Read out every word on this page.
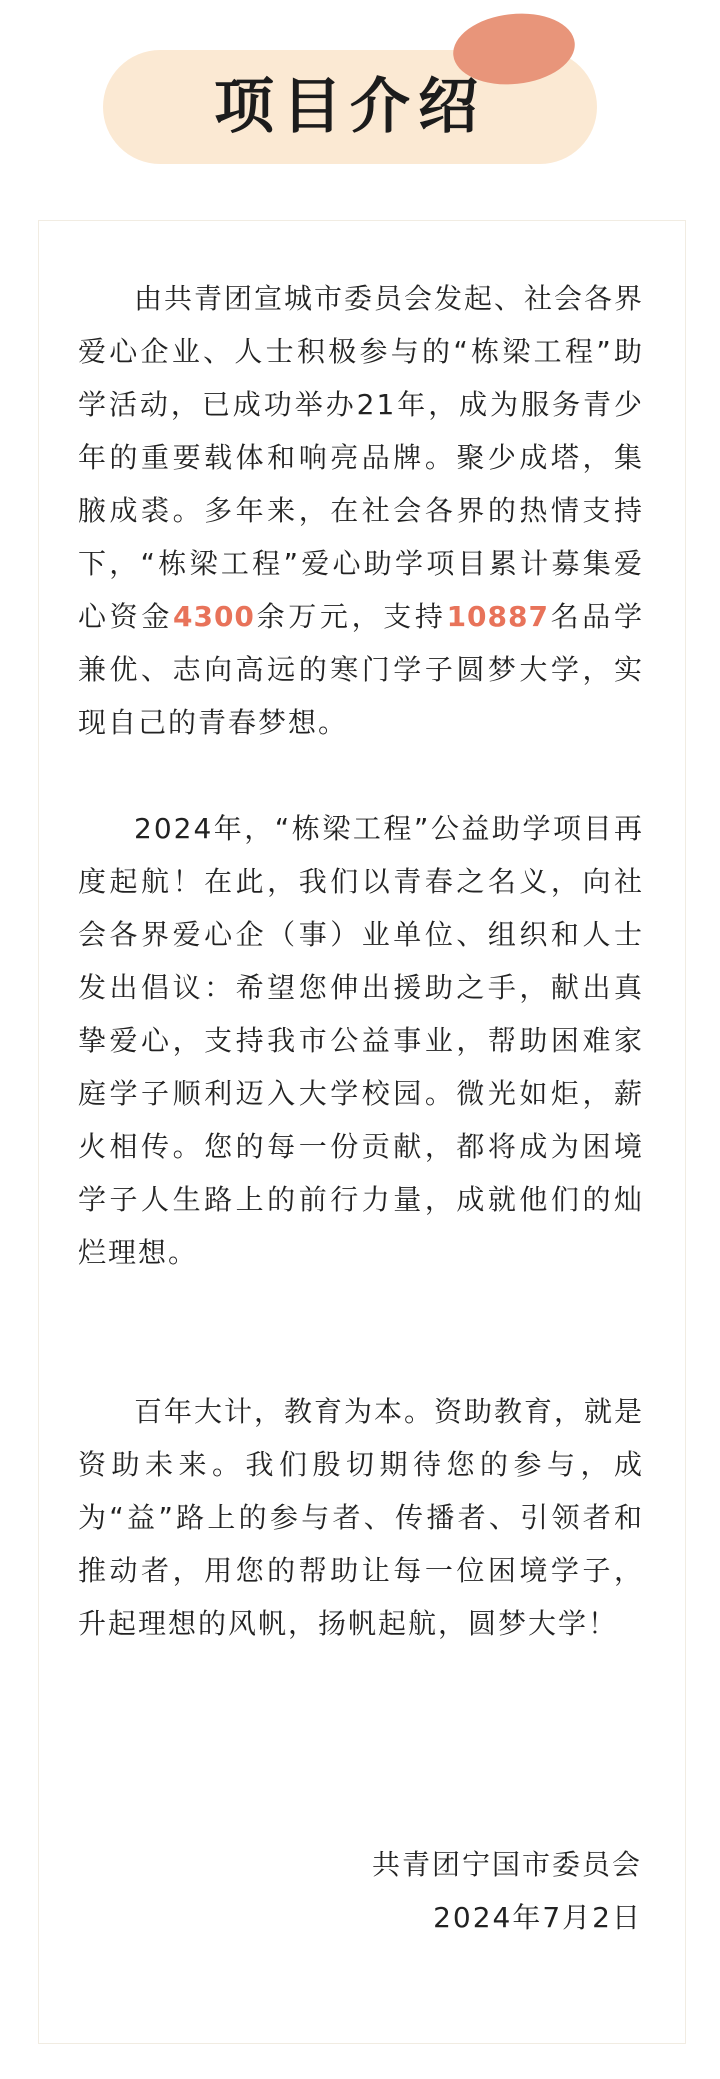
项目介绍

由共青团宣城市委员会发起、社会各界爱心企业、人士积极参与的“栋梁工程”助学活动，已成功举办21年，成为服务青少年的重要载体和响亮品牌。聚少成塔，集腋成裘。多年来，在社会各界的热情支持下，“栋梁工程”爱心助学项目累计募集爱心资金4300余万元，支持10887名品学兼优、志向高远的寒门学子圆梦大学，实现自己的青春梦想。

2024年，“栋梁工程”公益助学项目再度起航！在此，我们以青春之名义，向社会各界爱心企（事）业单位、组织和人士发出倡议：希望您伸出援助之手，献出真挚爱心，支持我市公益事业，帮助困难家庭学子顺利迈入大学校园。微光如炬，薪火相传。您的每一份贡献，都将成为困境学子人生路上的前行力量，成就他们的灿烂理想。

百年大计，教育为本。资助教育，就是资助未来。我们殷切期待您的参与，成为“益”路上的参与者、传播者、引领者和推动者，用您的帮助让每一位困境学子，升起理想的风帆，扬帆起航，圆梦大学！

共青团宁国市委员会
2024年7月2日
